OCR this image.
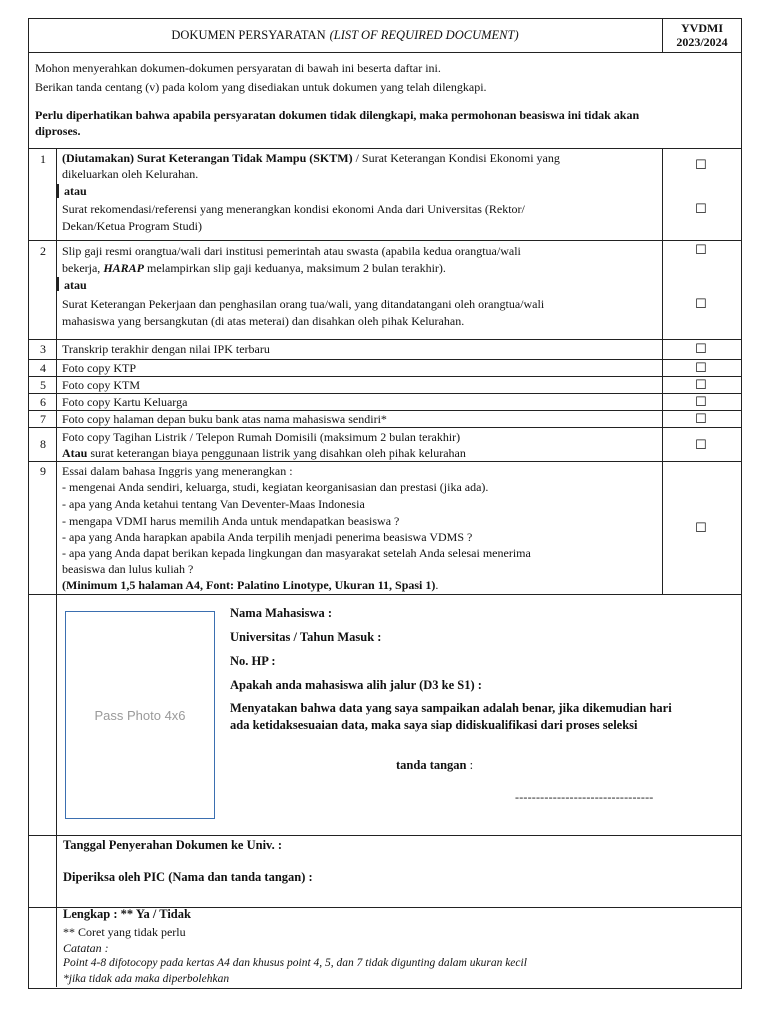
DOKUMEN PERSYARATAN (LIST OF REQUIRED DOCUMENT)	YVDMI
2023/2024
Mohon menyerahkan dokumen-dokumen persyaratan di bawah ini beserta daftar ini.
Berikan tanda centang (v) pada kolom yang disediakan untuk dokumen yang telah dilengkapi.
Perlu diperhatikan bahwa apabila persyaratan dokumen tidak dilengkapi, maka permohonan beasiswa ini tidak akan
diproses.
1	(Diutamakan) Surat Keterangan Tidak Mampu (SKTM) / Surat Keterangan Kondisi Ekonomi yang
dikeluarkan oleh Kelurahan.
atau
Surat rekomendasi/referensi yang menerangkan kondisi ekonomi Anda dari Universitas (Rektor/
Dekan/Ketua Program Studi)
☐
☐
2	Slip gaji resmi orangtua/wali dari institusi pemerintah atau swasta (apabila kedua orangtua/wali
bekerja, HARAP melampirkan slip gaji keduanya, maksimum 2 bulan terakhir).
atau
Surat Keterangan Pekerjaan dan penghasilan orang tua/wali, yang ditandatangani oleh orangtua/wali
mahasiswa yang bersangkutan (di atas meterai) dan disahkan oleh pihak Kelurahan.
☐
☐
3	Transkrip terakhir dengan nilai IPK terbaru	☐
4	Foto copy KTP	☐
5	Foto copy KTM	☐
6	Foto copy Kartu Keluarga	☐
7	Foto copy halaman depan buku bank atas nama mahasiswa sendiri*	☐
8	Foto copy Tagihan Listrik / Telepon Rumah Domisili (maksimum 2 bulan terakhir)
Atau surat keterangan biaya penggunaan listrik yang disahkan oleh pihak kelurahan
☐
9	Essai dalam bahasa Inggris yang menerangkan :
- mengenai Anda sendiri, keluarga, studi, kegiatan keorganisasian dan prestasi (jika ada).
- apa yang Anda ketahui tentang Van Deventer-Maas Indonesia
- mengapa VDMI harus memilih Anda untuk mendapatkan beasiswa ?
- apa yang Anda harapkan apabila Anda terpilih menjadi penerima beasiswa VDMS ?
- apa yang Anda dapat berikan kepada lingkungan dan masyarakat setelah Anda selesai menerima
beasiswa dan lulus kuliah ?
(Minimum 1,5 halaman A4, Font: Palatino Linotype, Ukuran 11, Spasi 1).
☐
Pass Photo 4x6
Nama Mahasiswa :
Universitas / Tahun Masuk :
No. HP :
Apakah anda mahasiswa alih jalur (D3 ke S1) :
Menyatakan bahwa data yang saya sampaikan adalah benar, jika dikemudian hari
ada ketidaksesuaian data, maka saya siap didiskualifikasi dari proses seleksi
tanda tangan :
---------------------------------
Tanggal Penyerahan Dokumen ke Univ. :
Diperiksa oleh PIC (Nama dan tanda tangan) :
Lengkap : ** Ya / Tidak
** Coret yang tidak perlu
Catatan :
Point 4-8 difotocopy pada kertas A4 dan khusus point 4, 5, dan 7 tidak digunting dalam ukuran kecil
*jika tidak ada maka diperbolehkan
